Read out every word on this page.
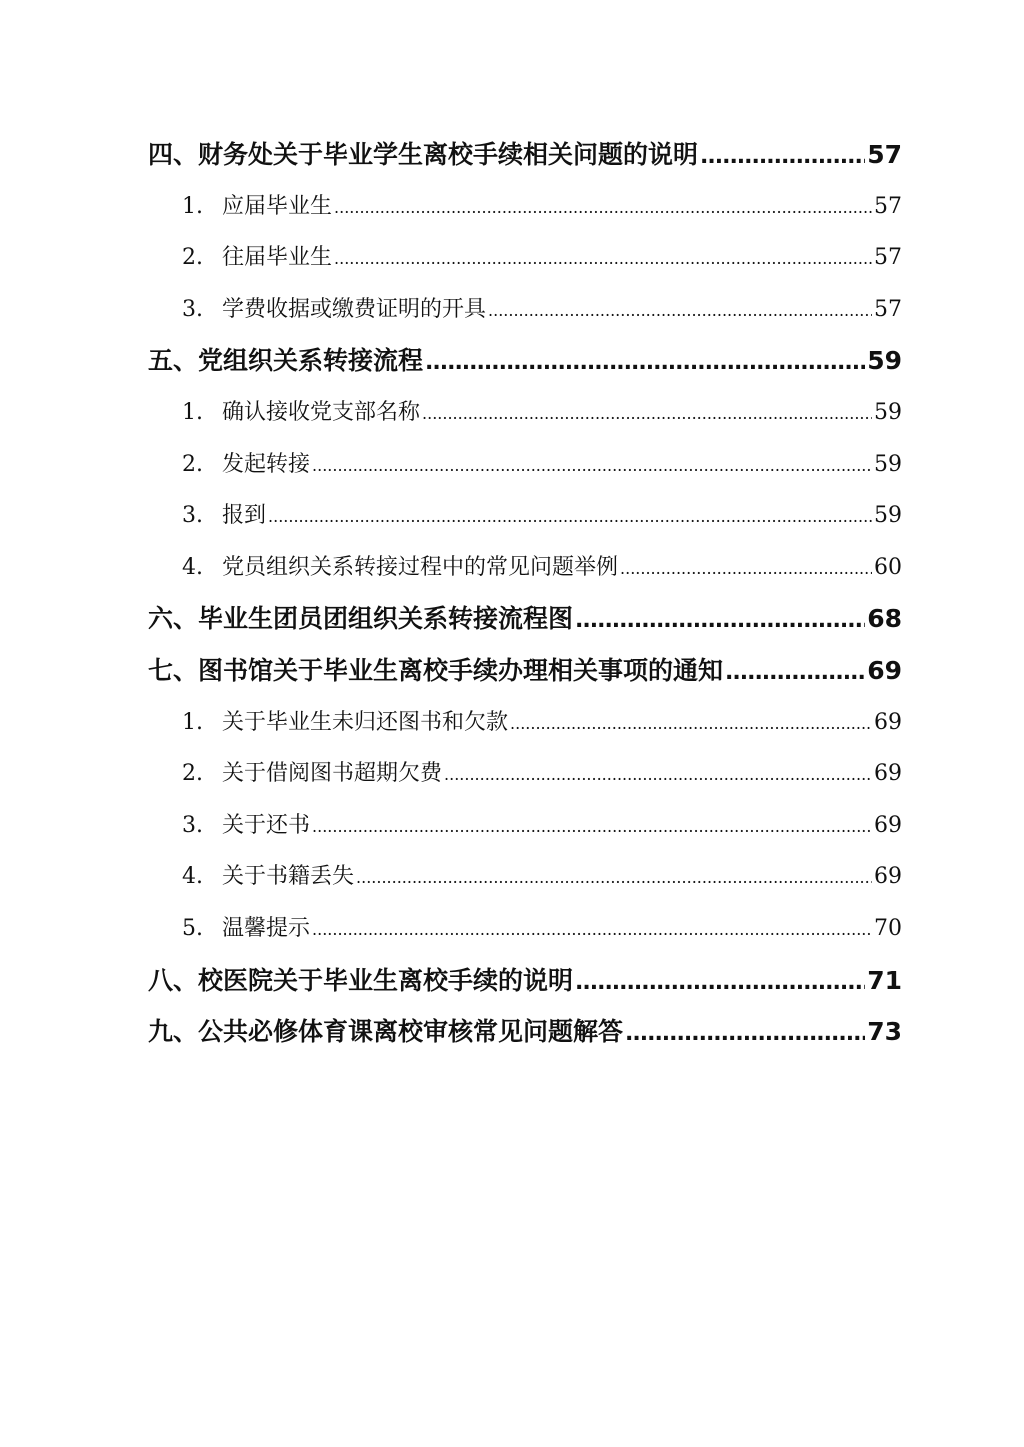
四、财务处关于毕业学生离校手续相关问题的说明 .....	57
1. 应届毕业生 .....	57
2. 往届毕业生 .....	57
3. 学费收据或缴费证明的开具 .....	57
五、党组织关系转接流程 .....	59
1. 确认接收党支部名称 .....	59
2. 发起转接 .....	59
3. 报到 .....	59
4. 党员组织关系转接过程中的常见问题举例 .....	60
六、毕业生团员团组织关系转接流程图 .....	68
七、图书馆关于毕业生离校手续办理相关事项的通知 .....	69
1. 关于毕业生未归还图书和欠款 .....	69
2. 关于借阅图书超期欠费 .....	69
3. 关于还书 .....	69
4. 关于书籍丢失 .....	69
5. 温馨提示 .....	70
八、校医院关于毕业生离校手续的说明 .....	71
九、公共必修体育课离校审核常见问题解答 .....	73
